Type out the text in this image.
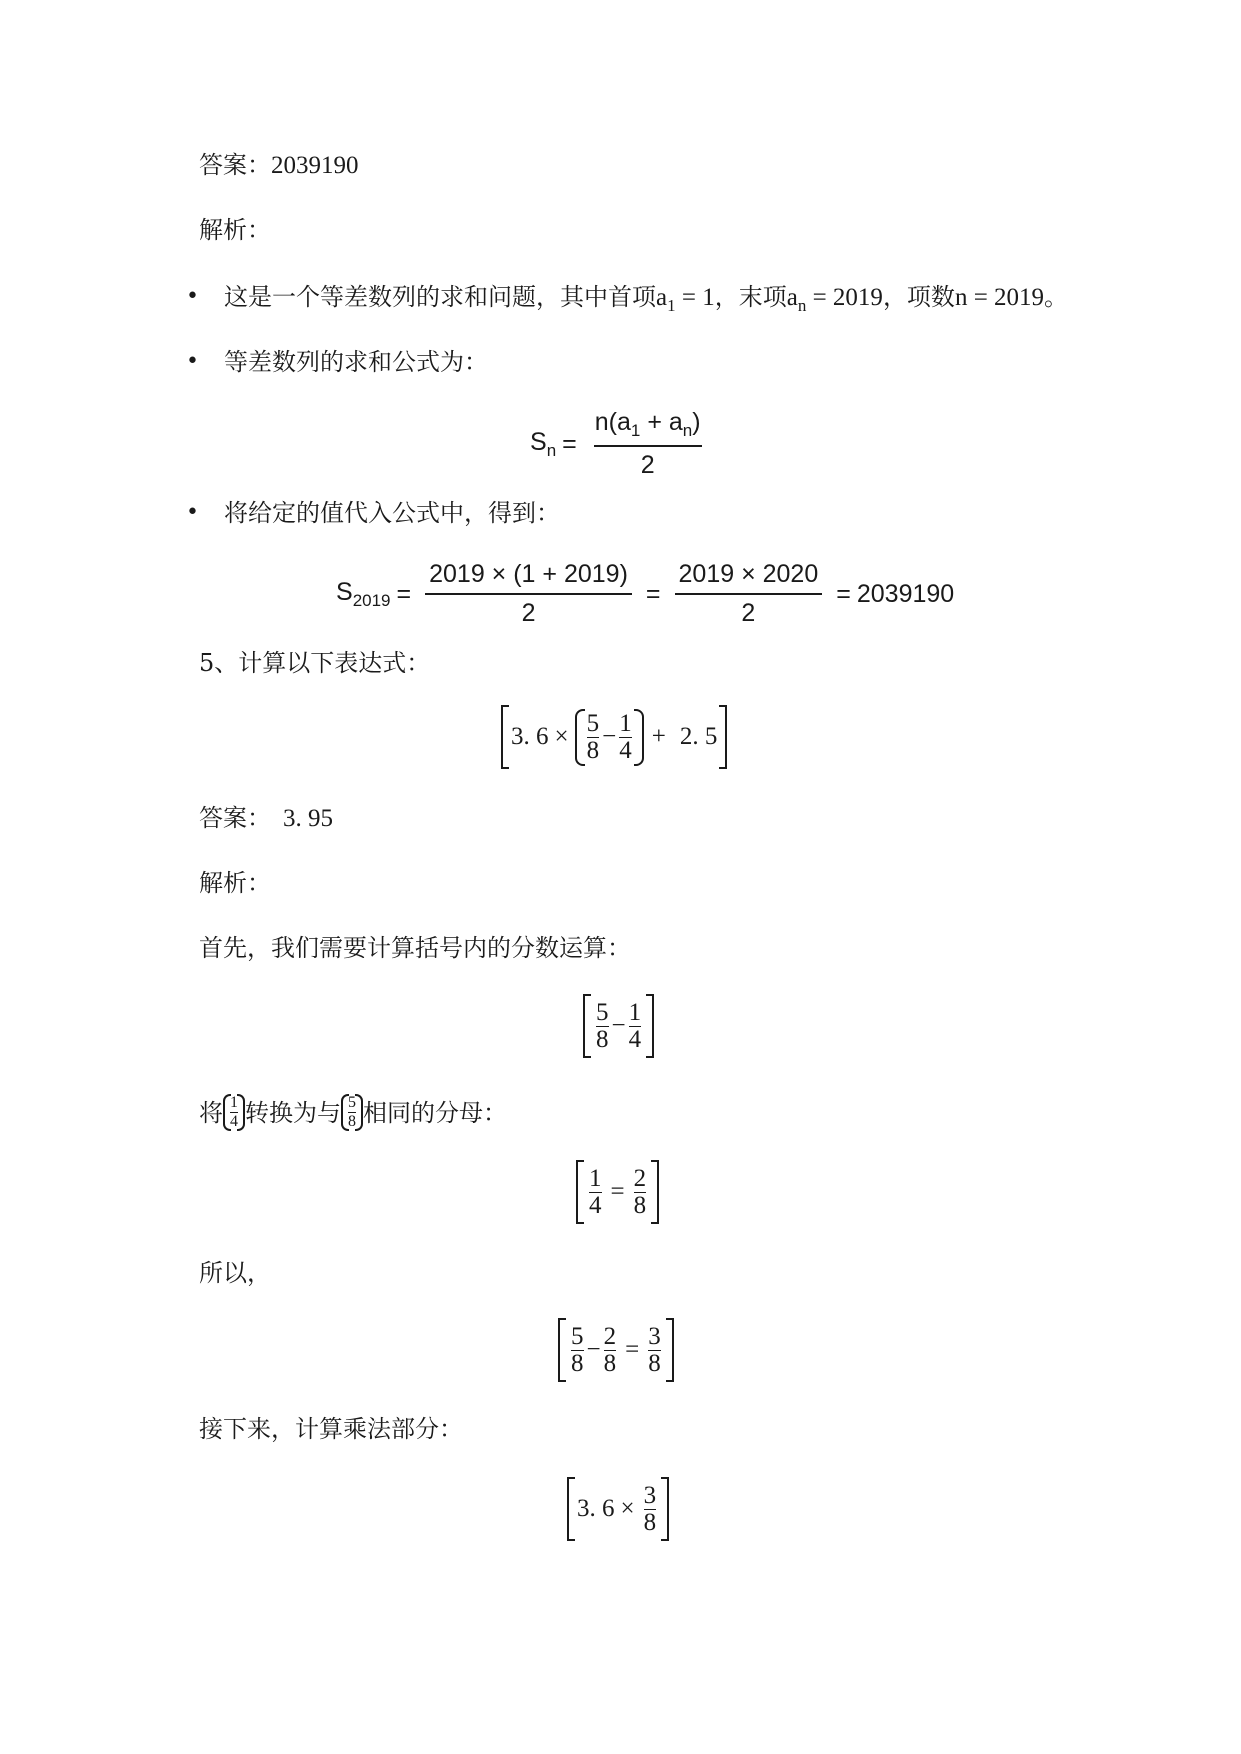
答案：2039190
解析：
• 这是一个等差数列的求和问题，其中首项$a_1 = 1$，末项$a_n = 2019$，项数n = 2019。
• 等差数列的求和公式为：
$S_n = \frac{n(a_1 + a_n)}{2}$
• 将给定的值代入公式中，得到：
$S_{2019} = \frac{2019 \times (1 + 2019)}{2} = \frac{2019 \times 2020}{2} = 2039190$
5、计算以下表达式：
3. 6 × 5
$8 - \frac{1}{4} + 2$. 5
答案： 3. 95
解析：
首先，我们需要计算括号内的分数运算：
5
$8 - \frac{1}{4}$
将 1
4 转换为与 5
8 相同的分母：
$\frac{1}{4} = \frac{2}{8}$
所以，
5
$8 - \frac{2}{8} = \frac{3}{8}$
接下来，计算乘法部分：
3. $6 \times \frac{3}{8}$
